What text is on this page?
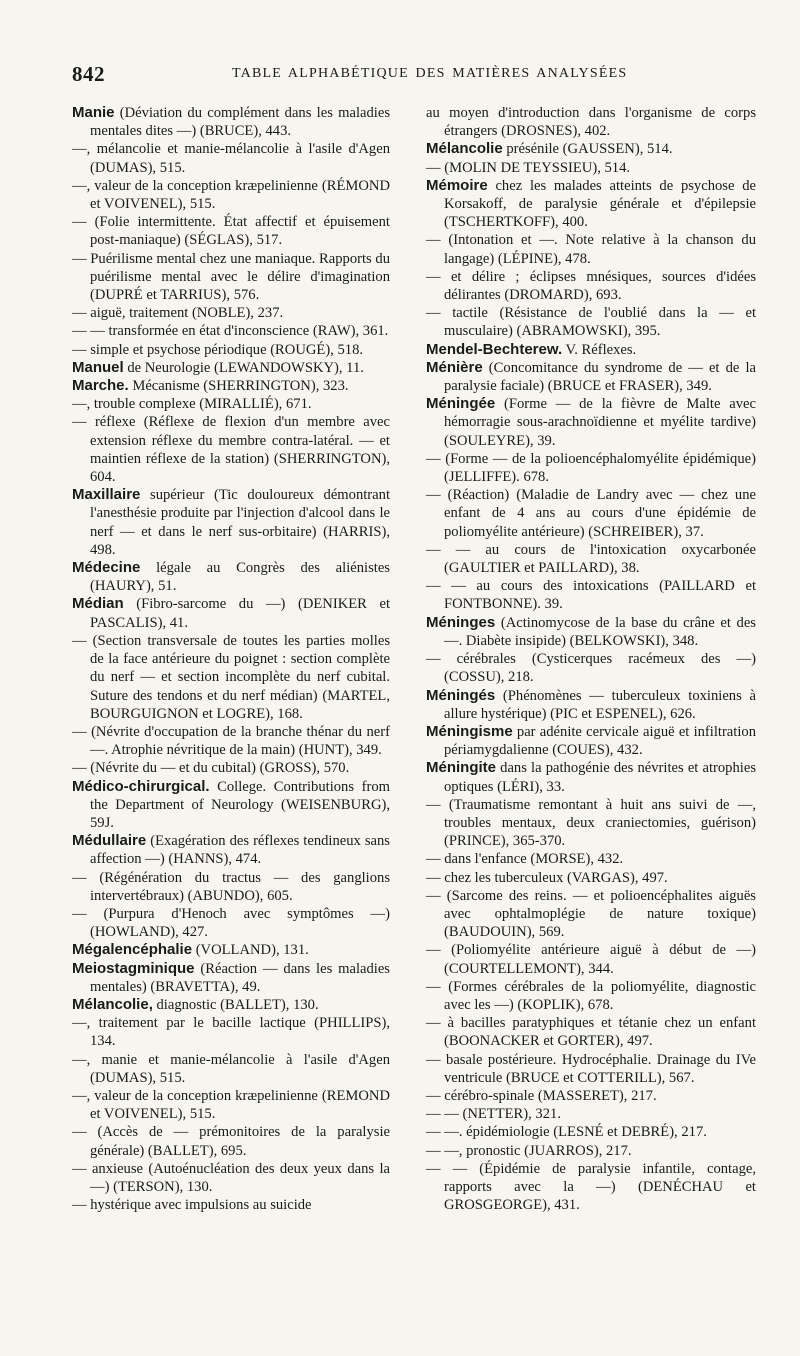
842	TABLE ALPHABÉTIQUE DES MATIÈRES ANALYSÉES

Manie (Déviation du complément dans les maladies mentales dites —) (BRUCE), 443.

—, mélancolie et manie-mélancolie à l'asile d'Agen (DUMAS), 515.

—, valeur de la conception kræpelinienne (RÉMOND et VOIVENEL), 515.

— (Folie intermittente. État affectif et épuisement post-maniaque) (SÉGLAS), 517.

— Puérilisme mental chez une maniaque. Rapports du puérilisme mental avec le délire d'imagination (DUPRÉ et TARRIUS), 576.

— aiguë, traitement (NOBLE), 237.

— — transformée en état d'inconscience (RAW), 361.

— simple et psychose périodique (ROUGÉ), 518.

Manuel de Neurologie (LEWANDOWSKY), 11.

Marche. Mécanisme (SHERRINGTON), 323.

—, trouble complexe (MIRALLIÉ), 671.

— réflexe (Réflexe de flexion d'un membre avec extension réflexe du membre contra-latéral. — et maintien réflexe de la station) (SHERRINGTON), 604.

Maxillaire supérieur (Tic douloureux démontrant l'anesthésie produite par l'injection d'alcool dans le nerf — et dans le nerf sus-orbitaire) (HARRIS), 498.

Médecine légale au Congrès des aliénistes (HAURY), 51.

Médian (Fibro-sarcome du —) (DENIKER et PASCALIS), 41.

— (Section transversale de toutes les parties molles de la face antérieure du poignet : section complète du nerf — et section incomplète du nerf cubital. Suture des tendons et du nerf médian) (MARTEL, BOURGUIGNON et LOGRE), 168.

— (Névrite d'occupation de la branche thénar du nerf —. Atrophie névritique de la main) (HUNT), 349.

— (Névrite du — et du cubital) (GROSS), 570.

Médico-chirurgical. College. Contributions from the Department of Neurology (WEISENBURG), 59J.

Médullaire (Exagération des réflexes tendineux sans affection —) (HANNS), 474.

— (Régénération du tractus — des ganglions intervertébraux) (ABUNDO), 605.

— (Purpura d'Henoch avec symptômes —) (HOWLAND), 427.

Mégalencéphalie (VOLLAND), 131.

Meiostagminique (Réaction — dans les maladies mentales) (BRAVETTA), 49.

Mélancolie, diagnostic (BALLET), 130.

—, traitement par le bacille lactique (PHILLIPS), 134.

—, manie et manie-mélancolie à l'asile d'Agen (DUMAS), 515.

—, valeur de la conception kræpelinienne (REMOND et VOIVENEL), 515.

— (Accès de — prémonitoires de la paralysie générale) (BALLET), 695.

— anxieuse (Autoénucléation des deux yeux dans la —) (TERSON), 130.

— hystérique avec impulsions au suicide

au moyen d'introduction dans l'organisme de corps étrangers (DROSNES), 402.

Mélancolie présénile (GAUSSEN), 514.

— (MOLIN DE TEYSSIEU), 514.

Mémoire chez les malades atteints de psychose de Korsakoff, de paralysie générale et d'épilepsie (TSCHERTKOFF), 400.

— (Intonation et —. Note relative à la chanson du langage) (LÉPINE), 478.

— et délire ; éclipses mnésiques, sources d'idées délirantes (DROMARD), 693.

— tactile (Résistance de l'oublié dans la — et musculaire) (ABRAMOWSKI), 395.

Mendel-Bechterew. V. Réflexes.

Ménière (Concomitance du syndrome de — et de la paralysie faciale) (BRUCE et FRASER), 349.

Méningée (Forme — de la fièvre de Malte avec hémorragie sous-arachnoïdienne et myélite tardive) (SOULEYRE), 39.

— (Forme — de la polioencéphalomyélite épidémique) (JELLIFFE). 678.

— (Réaction) (Maladie de Landry avec — chez une enfant de 4 ans au cours d'une épidémie de poliomyélite antérieure) (SCHREIBER), 37.

— — au cours de l'intoxication oxycarbonée (GAULTIER et PAILLARD), 38.

— — au cours des intoxications (PAILLARD et FONTBONNE). 39.

Méninges (Actinomycose de la base du crâne et des —. Diabète insipide) (BELKOWSKI), 348.

— cérébrales (Cysticerques racémeux des —) (COSSU), 218.

Méningés (Phénomènes — tuberculeux toxiniens à allure hystérique) (PIC et ESPENEL), 626.

Méningisme par adénite cervicale aiguë et infiltration périamygdalienne (COUES), 432.

Méningite dans la pathogénie des névrites et atrophies optiques (LÉRI), 33.

— (Traumatisme remontant à huit ans suivi de —, troubles mentaux, deux craniectomies, guérison) (PRINCE), 365-370.

— dans l'enfance (MORSE), 432.

— chez les tuberculeux (VARGAS), 497.

— (Sarcome des reins. — et polioencéphalites aiguës avec ophtalmoplégie de nature toxique) (BAUDOUIN), 569.

— (Poliomyélite antérieure aiguë à début de —) (COURTELLEMONT), 344.

— (Formes cérébrales de la poliomyélite, diagnostic avec les —) (KOPLIK), 678.

— à bacilles paratyphiques et tétanie chez un enfant (BOONACKER et GORTER), 497.

— basale postérieure. Hydrocéphalie. Drainage du IVe ventricule (BRUCE et COTTERILL), 567.

— cérébro-spinale (MASSERET), 217.

— — (NETTER), 321.

— —. épidémiologie (LESNÉ et DEBRÉ), 217.

— —, pronostic (JUARROS), 217.

— — (Épidémie de paralysie infantile, contage, rapports avec la —) (DENÉCHAU et GROSGEORGE), 431.
